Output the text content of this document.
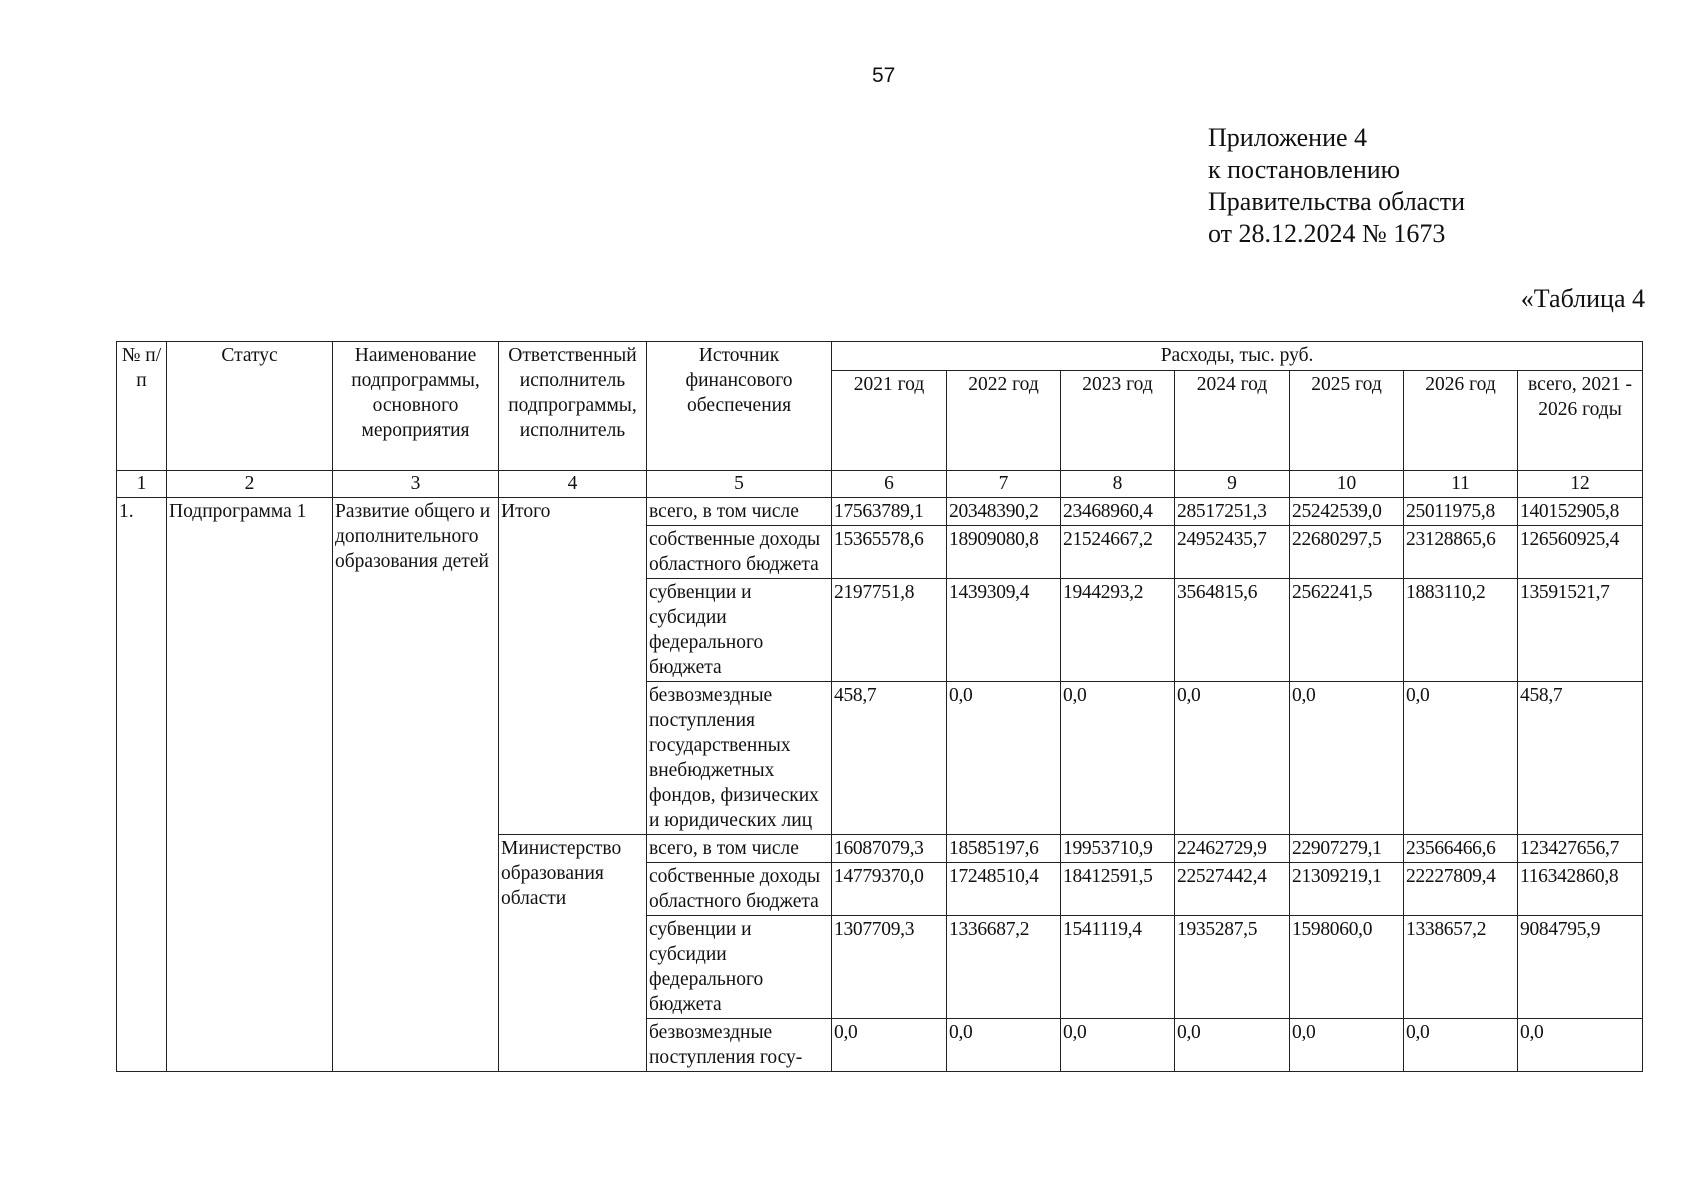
57
Приложение 4
к постановлению
Правительства области
от 28.12.2024 № 1673
«Таблица 4
№ п/п	Статус	Наименование подпрограммы, основного мероприятия	Ответственный исполнитель подпрограммы, исполнитель	Источник финансового обеспечения	Расходы, тыс. руб.						
					2021 год	2022 год	2023 год	2024 год	2025 год	2026 год	всего, 2021 - 2026 годы
1	2	3	4	5	6	7	8	9	10	11	12
1.	Подпрограмма 1	Развитие общего и дополнительного образования детей	Итого	всего, в том числе	17563789,1	20348390,2	23468960,4	28517251,3	25242539,0	25011975,8	140152905,8
				собственные доходы областного бюджета	15365578,6	18909080,8	21524667,2	24952435,7	22680297,5	23128865,6	126560925,4
				субвенции и субсидии федерального бюджета	2197751,8	1439309,4	1944293,2	3564815,6	2562241,5	1883110,2	13591521,7
				безвозмездные поступления государственных внебюджетных фондов, физических и юридических лиц	458,7	0,0	0,0	0,0	0,0	0,0	458,7
			Министерство образования области	всего, в том числе	16087079,3	18585197,6	19953710,9	22462729,9	22907279,1	23566466,6	123427656,7
				собственные доходы областного бюджета	14779370,0	17248510,4	18412591,5	22527442,4	21309219,1	22227809,4	116342860,8
				субвенции и субсидии федерального бюджета	1307709,3	1336687,2	1541119,4	1935287,5	1598060,0	1338657,2	9084795,9
				безвозмездные поступления госу-	0,0	0,0	0,0	0,0	0,0	0,0	0,0
